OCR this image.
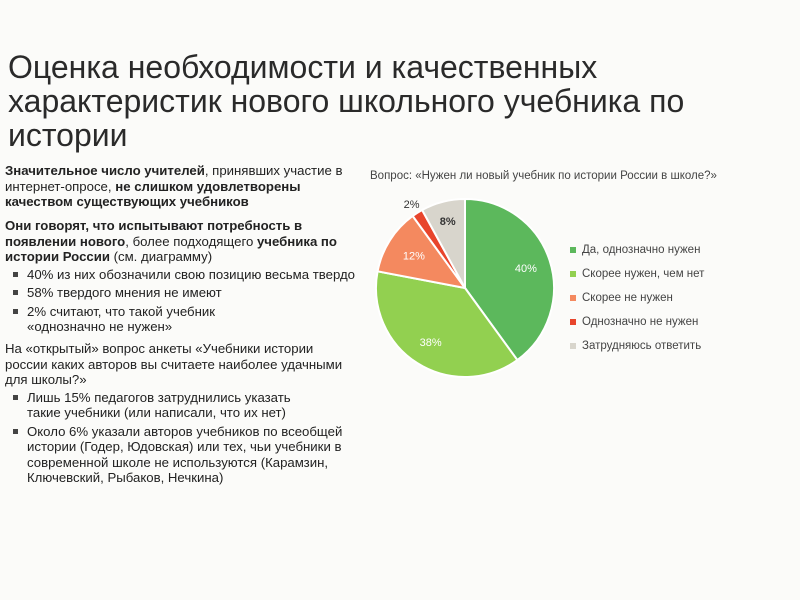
Оценка необходимости и качественных характеристик нового школьного учебника по истории
Значительное число учителей, принявших участие в интернет-опросе, не слишком удовлетворены качеством существующих учебников
Они говорят, что испытывают потребность в появлении нового, более подходящего учебника по истории России (см. диаграмму)
40% из них обозначили свою позицию весьма твердо
58% твердого мнения не имеют
2% считают, что такой учебник «однозначно не нужен»
На «открытый» вопрос анкеты «Учебники истории россии каких авторов вы считаете наиболее удачными для школы?»
Лишь 15% педагогов затруднились указать такие учебники (или написали, что их нет)
Около 6% указали авторов учебников по всеобщей истории (Годер, Юдовская) или тех, чьи учебники в современной школе не используются (Карамзин, Ключевский, Рыбаков, Нечкина)
Вопрос: «Нужен ли новый учебник по истории России в школе?»
40%
38%
12%
2%
8%
Да, однозначно нужен
Скорее нужен, чем нет
Скорее не нужен
Однозначно не нужен
Затрудняюсь ответить
